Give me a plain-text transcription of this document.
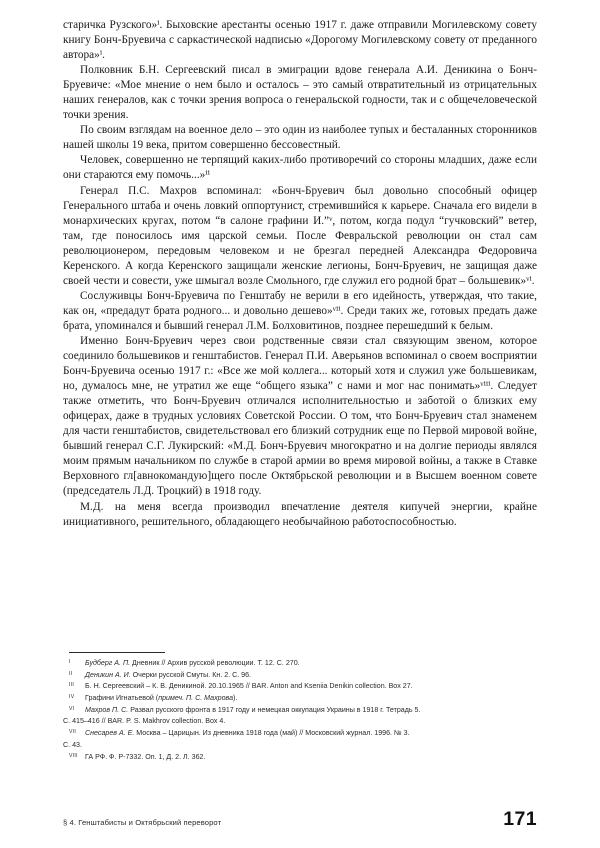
старичка Рузского»ⁱ. Быховские арестанты осенью 1917 г. даже отправили Могилевскому совету книгу Бонч-Бруевича с саркастической надписью «Дорогому Могилевскому совету от преданного автора»ⁱ.

Полковник Б.Н. Сергеевский писал в эмиграции вдове генерала А.И. Деникина о Бонч-Бруевиче: «Мое мнение о нем было и осталось – это самый отвратительный из отрицательных наших генералов, как с точки зрения вопроса о генеральской годности, так и с общечеловеческой точки зрения.

По своим взглядам на военное дело – это один из наиболее тупых и бесталанных сторонников нашей школы 19 века, притом совершенно бессовестный.

Человек, совершенно не терпящий каких-либо противоречий со стороны младших, даже если они стараются ему помочь...»ⁱⁱ

Генерал П.С. Махров вспоминал: «Бонч-Бруевич был довольно способный офицер Генерального штаба и очень ловкий оппортунист, стремившийся к карьере. Сначала его видели в монархических кругах, потом “в салоне графини И.”ᵛ, потом, когда подул “гучковский” ветер, там, где поносилось имя царской семьи. После Февральской революции он стал сам революционером, передовым человеком и не брезгал передней Александра Федоровича Керенского. А когда Керенского защищали женские легионы, Бонч-Бруевич, не защищая даже своей чести и совести, уже шмыгал возле Смольного, где служил его родной брат – большевик»ᵛⁱ.

Сослуживцы Бонч-Бруевича по Генштабу не верили в его идейность, утверждая, что такие, как он, «предадут брата родного... и довольно дешево»ᵛⁱⁱ. Среди таких же, готовых предать даже брата, упоминался и бывший генерал Л.М. Болховитинов, позднее перешедший к белым.

Именно Бонч-Бруевич через свои родственные связи стал связующим звеном, которое соединило большевиков и генштабистов. Генерал П.И. Аверьянов вспоминал о своем восприятии Бонч-Бруевича осенью 1917 г.: «Все же мой коллега... который хотя и служил уже большевикам, но, думалось мне, не утратил же еще “общего языка” с нами и мог нас понимать»ᵛⁱⁱⁱ. Следует также отметить, что Бонч-Бруевич отличался исполнительностью и заботой о близких ему офицерах, даже в трудных условиях Советской России. О том, что Бонч-Бруевич стал знаменем для части генштабистов, свидетельствовал его близкий сотрудник еще по Первой мировой войне, бывший генерал С.Г. Лукирский: «М.Д. Бонч-Бруевич многократно и на долгие периоды являлся моим прямым начальником по службе в старой армии во время мировой войны, а также в Ставке Верховного гл[авнокомандую]щего после Октябрьской революции и в Высшем военном совете (председатель Л.Д. Троцкий) в 1918 году.

М.Д. на меня всегда производил впечатление деятеля кипучей энергии, крайне инициативного, решительного, обладающего необычайною работоспособностью.

I Будберг А. П. Дневник // Архив русской революции. Т. 12. С. 270.
II Деникин А. И. Очерки русской Смуты. Кн. 2. С. 96.
III Б. Н. Сергеевский – К. В. Деникиной. 20.10.1965 // BAR. Anton and Kseniia Denikin collection. Box 27.
IV Графини Игнатьевой (примеч. П. С. Махрова).
VI Махров П. С. Развал русского фронта в 1917 году и немецкая оккупация Украины в 1918 г. Тетрадь 5.
С. 415–416 // BAR. P. S. Makhrov collection. Box 4.
VII Снесарев А. Е. Москва – Царицын. Из дневника 1918 года (май) // Московский журнал. 1996. № 3.
С. 43.
VIII ГА РФ. Ф. Р-7332. Оп. 1, Д. 2. Л. 362.
§ 4. Генштабисты и Октябрьский переворот	171
